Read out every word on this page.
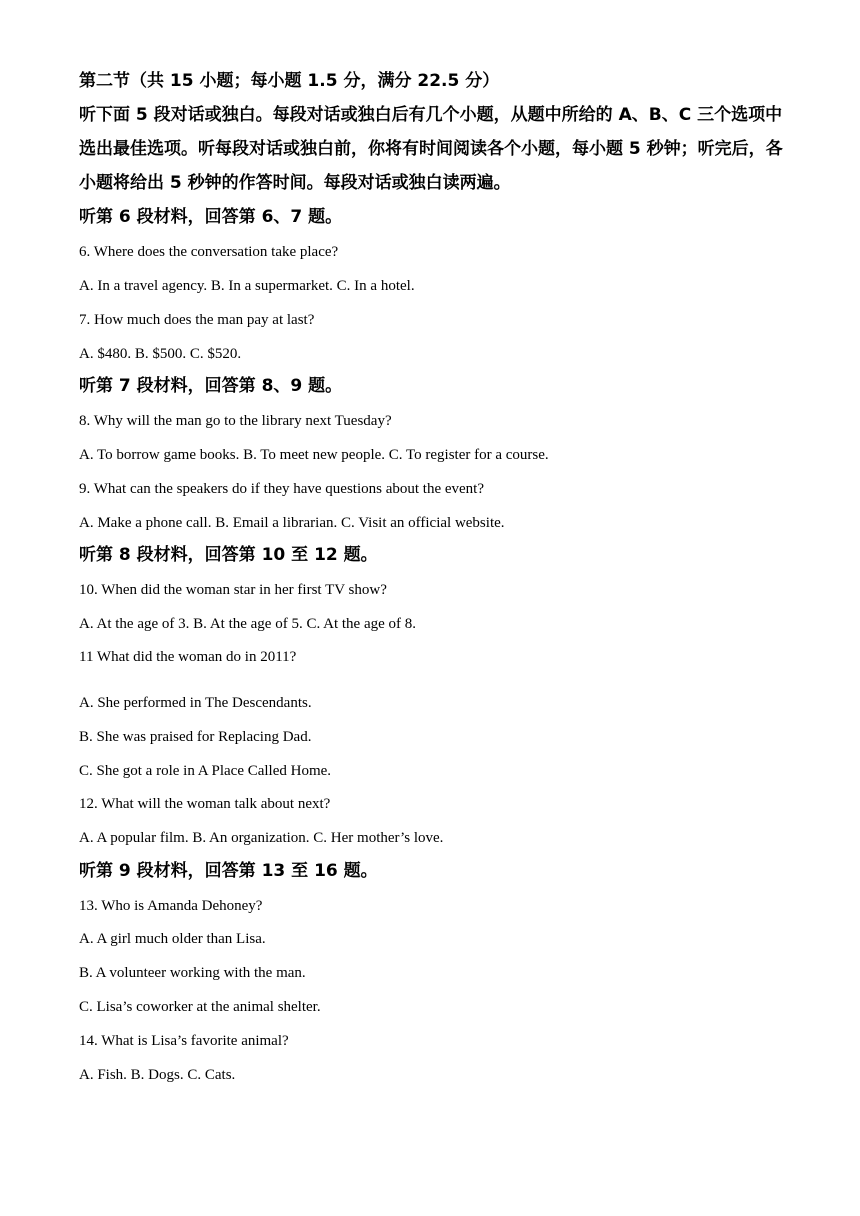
第二节（共 15 小题；每小题 1.5 分，满分 22.5 分）
听下面 5 段对话或独白。每段对话或独白后有几个小题，从题中所给的 A、B、C 三个选项中
选出最佳选项。听每段对话或独白前，你将有时间阅读各个小题，每小题 5 秒钟；听完后，各
小题将给出 5 秒钟的作答时间。每段对话或独白读两遍。
听第 6 段材料，回答第 6、7 题。
6. Where does the conversation take place?
A. In a travel agency. B. In a supermarket. C. In a hotel.
7. How much does the man pay at last?
A. $480. B. $500. C. $520.
听第 7 段材料，回答第 8、9 题。
8. Why will the man go to the library next Tuesday?
A. To borrow game books. B. To meet new people. C. To register for a course.
9. What can the speakers do if they have questions about the event?
A. Make a phone call. B. Email a librarian. C. Visit an official website.
听第 8 段材料，回答第 10 至 12 题。
10. When did the woman star in her first TV show?
A. At the age of 3. B. At the age of 5. C. At the age of 8.
11 What did the woman do in 2011?
A. She performed in The Descendants.
B. She was praised for Replacing Dad.
C. She got a role in A Place Called Home.
12. What will the woman talk about next?
A. A popular film. B. An organization. C. Her mother’s love.
听第 9 段材料，回答第 13 至 16 题。
13. Who is Amanda Dehoney?
A. A girl much older than Lisa.
B. A volunteer working with the man.
C. Lisa’s coworker at the animal shelter.
14. What is Lisa’s favorite animal?
A. Fish. B. Dogs. C. Cats.
